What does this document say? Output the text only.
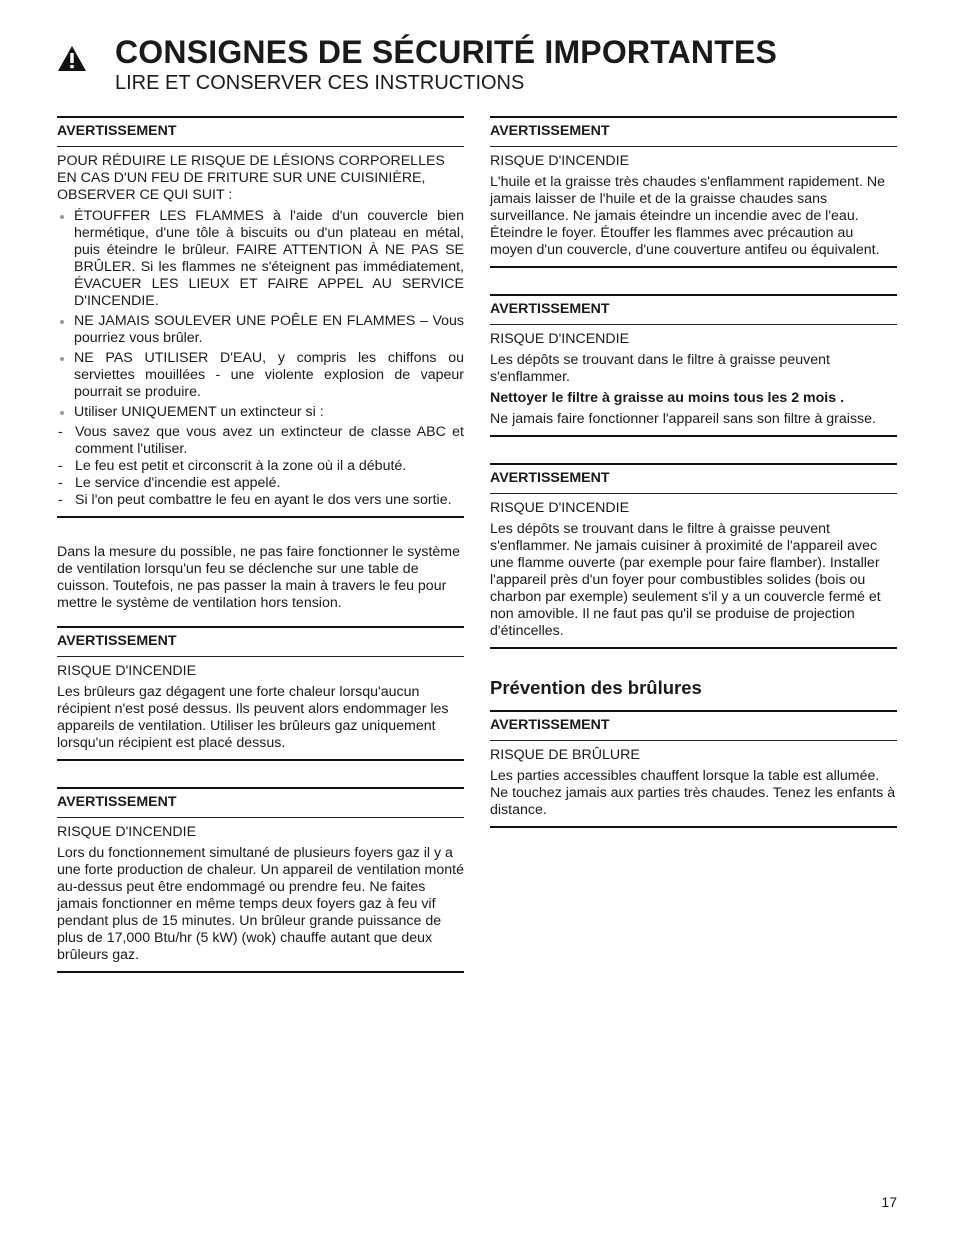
CONSIGNES DE SÉCURITÉ IMPORTANTES
LIRE ET CONSERVER CES INSTRUCTIONS
AVERTISSEMENT

POUR RÉDUIRE LE RISQUE DE LÉSIONS CORPORELLES EN CAS D'UN FEU DE FRITURE SUR UNE CUISINIÈRE, OBSERVER CE QUI SUIT :

ÉTOUFFER LES FLAMMES à l'aide d'un couvercle bien hermétique, d'une tôle à biscuits ou d'un plateau en métal, puis éteindre le brûleur. FAIRE ATTENTION À NE PAS SE BRÛLER. Si les flammes ne s'éteignent pas immédiatement, ÉVACUER LES LIEUX ET FAIRE APPEL AU SERVICE D'INCENDIE.
NE JAMAIS SOULEVER UNE POÊLE EN FLAMMES – Vous pourriez vous brûler.
NE PAS UTILISER D'EAU, y compris les chiffons ou serviettes mouillées - une violente explosion de vapeur pourrait se produire.
Utiliser UNIQUEMENT un extincteur si :
- Vous savez que vous avez un extincteur de classe ABC et comment l'utiliser.
- Le feu est petit et circonscrit à la zone où il a débuté.
- Le service d'incendie est appelé.
- Si l'on peut combattre le feu en ayant le dos vers une sortie.

Dans la mesure du possible, ne pas faire fonctionner le système de ventilation lorsqu'un feu se déclenche sur une table de cuisson. Toutefois, ne pas passer la main à travers le feu pour mettre le système de ventilation hors tension.

AVERTISSEMENT

RISQUE D'INCENDIE

Les brûleurs gaz dégagent une forte chaleur lorsqu'aucun récipient n'est posé dessus. Ils peuvent alors endommager les appareils de ventilation. Utiliser les brûleurs gaz uniquement lorsqu'un récipient est placé dessus.

AVERTISSEMENT

RISQUE D'INCENDIE

Lors du fonctionnement simultané de plusieurs foyers gaz il y a une forte production de chaleur. Un appareil de ventilation monté au-dessus peut être endommagé ou prendre feu. Ne faites jamais fonctionner en même temps deux foyers gaz à feu vif pendant plus de 15 minutes. Un brûleur grande puissance de plus de 17,000 Btu/hr (5 kW) (wok) chauffe autant que deux brûleurs gaz.

AVERTISSEMENT

RISQUE D'INCENDIE

L'huile et la graisse très chaudes s'enflamment rapidement. Ne jamais laisser de l'huile et de la graisse chaudes sans surveillance. Ne jamais éteindre un incendie avec de l'eau. Éteindre le foyer. Étouffer les flammes avec précaution au moyen d'un couvercle, d'une couverture antifeu ou équivalent.

AVERTISSEMENT

RISQUE D'INCENDIE

Les dépôts se trouvant dans le filtre à graisse peuvent s'enflammer.

Nettoyer le filtre à graisse au moins tous les 2 mois .

Ne jamais faire fonctionner l'appareil sans son filtre à graisse.

AVERTISSEMENT

RISQUE D'INCENDIE

Les dépôts se trouvant dans le filtre à graisse peuvent s'enflammer. Ne jamais cuisiner à proximité de l'appareil avec une flamme ouverte (par exemple pour faire flamber). Installer l'appareil près d'un foyer pour combustibles solides (bois ou charbon par exemple) seulement s'il y a un couvercle fermé et non amovible. Il ne faut pas qu'il se produise de projection d'étincelles.

Prévention des brûlures
AVERTISSEMENT

RISQUE DE BRÛLURE

Les parties accessibles chauffent lorsque la table est allumée. Ne touchez jamais aux parties très chaudes. Tenez les enfants à distance.

17
